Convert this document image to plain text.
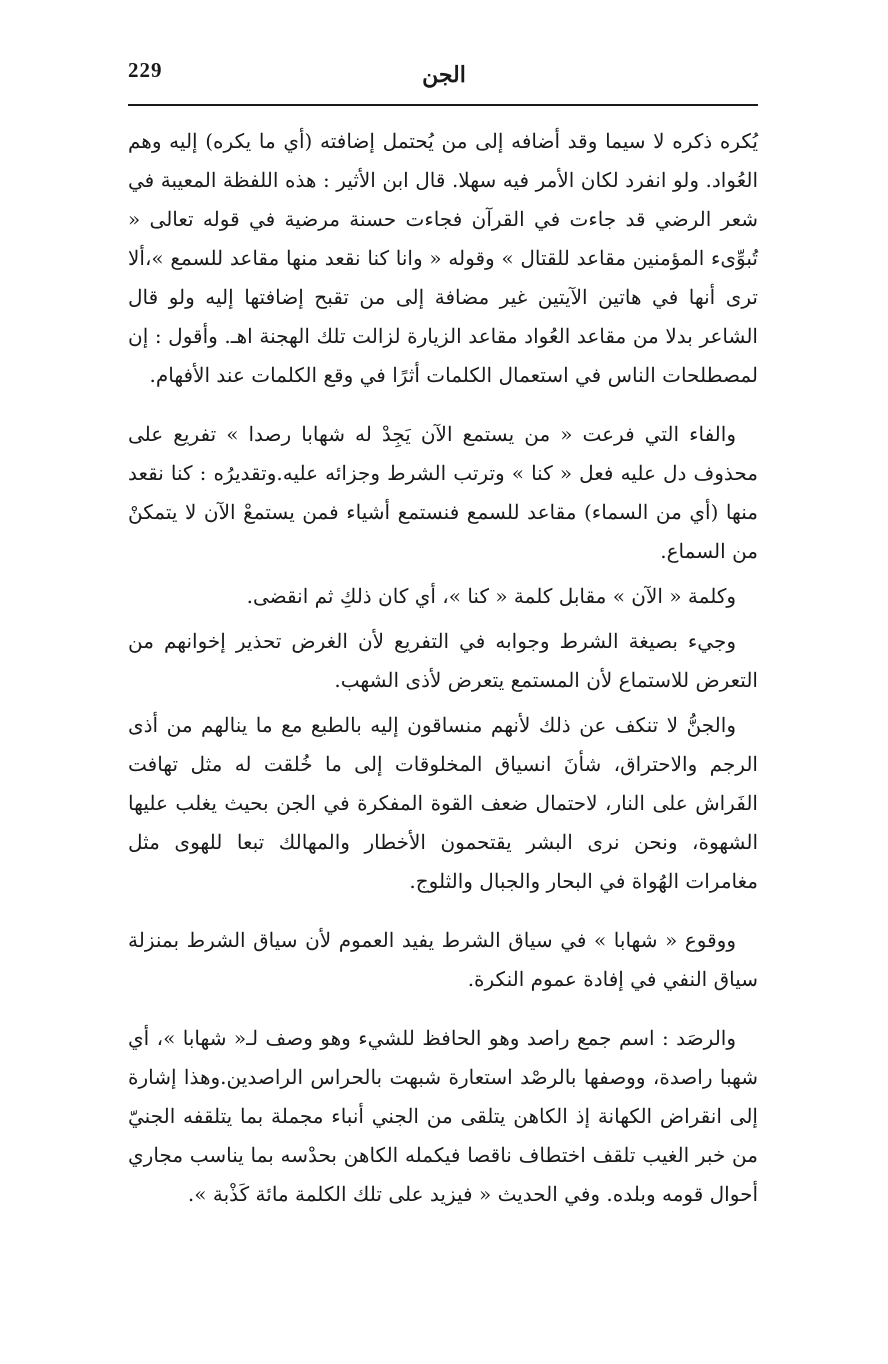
229	الجن

يُكره ذكره لا سيما وقد أضافه إلى من يُحتمل إضافته (أي ما يكره) إليه وهم العُواد. ولو انفرد لكان الأمر فيه سهلا. قال ابن الأثير : هذه اللفظة المعيبة في شعر الرضي قد جاءت في القرآن فجاءت حسنة مرضية في قوله تعالى « تُبوِّىء المؤمنين مقاعد للقتال » وقوله « وانا كنا نقعد منها مقاعد للسمع »،ألا ترى أنها في هاتين الآيتين غير مضافة إلى من تقبح إضافتها إليه ولو قال الشاعر بدلا من مقاعد العُواد مقاعد الزيارة لزالت تلك الهجنة اهـ. وأقول : إن لمصطلحات الناس في استعمال الكلمات أثرًا في وقع الكلمات عند الأفهام.

والفاء التي فرعت « من يستمع الآن يَجِدْ له شهابا رصدا » تفريع على محذوف دل عليه فعل « كنا » وترتب الشرط وجزائه عليه.وتقديرُه : كنا نقعد منها (أي من السماء) مقاعد للسمع فنستمع أشياء فمن يستمعْ الآن لا يتمكنْ من السماع.

وكلمة « الآن » مقابل كلمة « كنا »، أي كان ذلكِ ثم انقضى.

وجيء بصيغة الشرط وجوابه في التفريع لأن الغرض تحذير إخوانهم من التعرض للاستماع لأن المستمع يتعرض لأذى الشهب.

والجنُّ لا تنكف عن ذلك لأنهم منساقون إليه بالطبع مع ما ينالهم من أذى الرجم والاحتراق، شأنَ انسياق المخلوقات إلى ما خُلقت له مثل تهافت الفَراش على النار، لاحتمال ضعف القوة المفكرة في الجن بحيث يغلب عليها الشهوة، ونحن نرى البشر يقتحمون الأخطار والمهالك تبعا للهوى مثل مغامرات الهُواة في البحار والجبال والثلوج.

ووقوع « شهابا » في سياق الشرط يفيد العموم لأن سياق الشرط بمنزلة سياق النفي في إفادة عموم النكرة.

والرصَد : اسم جمع راصد وهو الحافظ للشيء وهو وصف لـ« شهابا »، أي شهبا راصدة، ووصفها بالرصْد استعارة شبهت بالحراس الراصدين.وهذا إشارة إلى انقراض الكهانة إذ الكاهن يتلقى من الجني أنباء مجملة بما يتلقفه الجنيّ من خبر الغيب تلقف اختطاف ناقصا فيكمله الكاهن بحدْسه بما يناسب مجاري أحوال قومه وبلده. وفي الحديث « فيزيد على تلك الكلمة مائة كَذْبة ».
